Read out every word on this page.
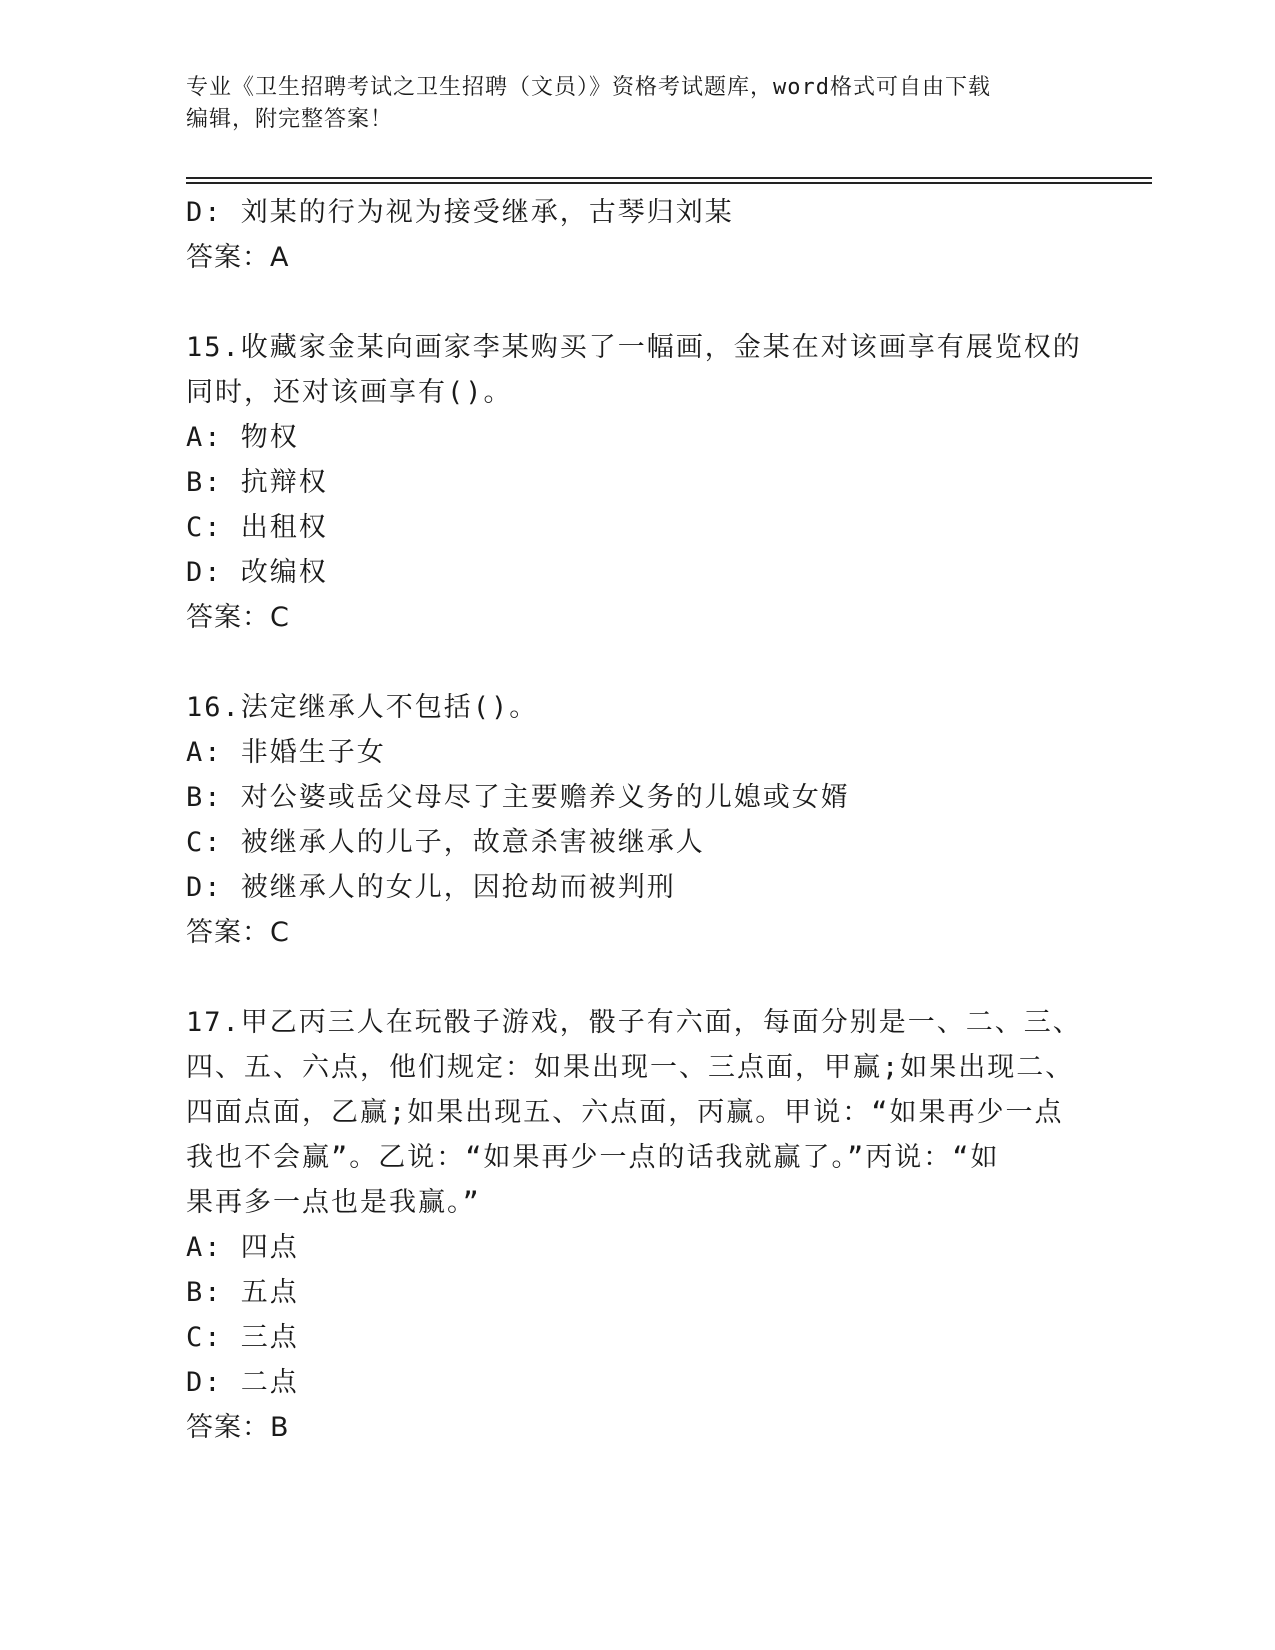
专业《卫生招聘考试之卫生招聘（文员）》资格考试题库，word格式可自由下载
编辑，附完整答案！
D: 刘某的行为视为接受继承，古琴归刘某
答案：A
15.收藏家金某向画家李某购买了一幅画，金某在对该画享有展览权的
同时，还对该画享有()。
A: 物权
B: 抗辩权
C: 出租权
D: 改编权
答案：C
16.法定继承人不包括()。
A: 非婚生子女
B: 对公婆或岳父母尽了主要赡养义务的儿媳或女婿
C: 被继承人的儿子，故意杀害被继承人
D: 被继承人的女儿，因抢劫而被判刑
答案：C
17.甲乙丙三人在玩骰子游戏，骰子有六面，每面分别是一、二、三、
四、五、六点，他们规定：如果出现一、三点面，甲赢;如果出现二、
四面点面，乙赢;如果出现五、六点面，丙赢。甲说：“如果再少一点
我也不会赢”。乙说：“如果再少一点的话我就赢了。”丙说：“如
果再多一点也是我赢。”
A: 四点
B: 五点
C: 三点
D: 二点
答案：B
